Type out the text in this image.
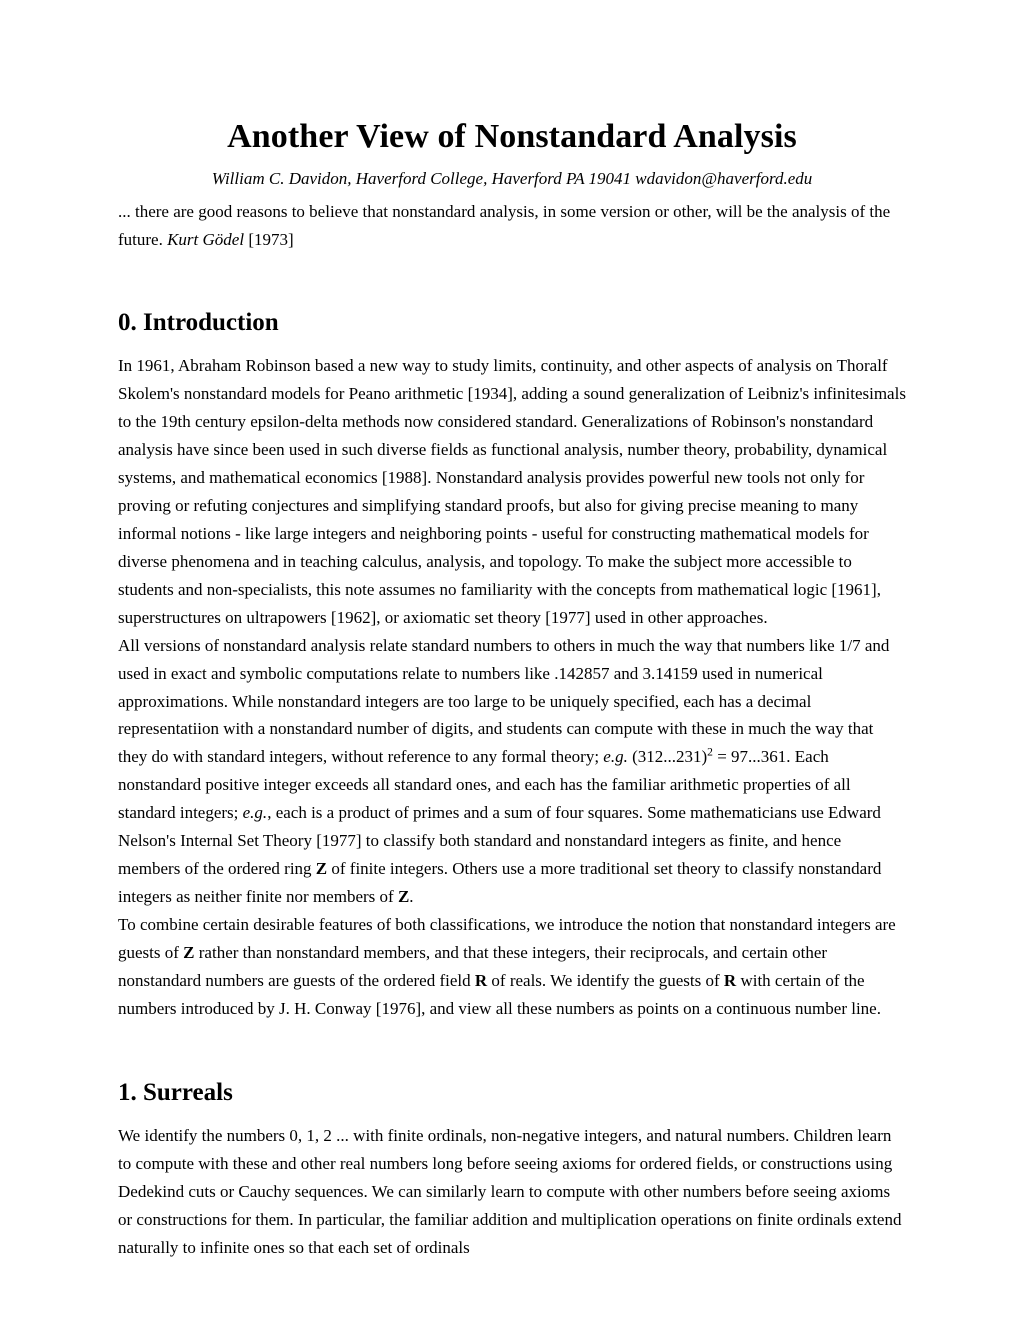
Another View of Nonstandard Analysis
William C. Davidon, Haverford College, Haverford PA 19041 wdavidon@haverford.edu
... there are good reasons to believe that nonstandard analysis, in some version or other, will be the analysis of the future. Kurt Gödel [1973]
0. Introduction

In 1961, Abraham Robinson based a new way to study limits, continuity, and other aspects of analysis on Thoralf Skolem's nonstandard models for Peano arithmetic [1934], adding a sound generalization of Leibniz's infinitesimals to the 19th century epsilon-delta methods now considered standard. Generalizations of Robinson's nonstandard analysis have since been used in such diverse fields as functional analysis, number theory, probability, dynamical systems, and mathematical economics [1988]. Nonstandard analysis provides powerful new tools not only for proving or refuting conjectures and simplifying standard proofs, but also for giving precise meaning to many informal notions - like large integers and neighboring points - useful for constructing mathematical models for diverse phenomena and in teaching calculus, analysis, and topology. To make the subject more accessible to students and non-specialists, this note assumes no familiarity with the concepts from mathematical logic [1961], superstructures on ultrapowers [1962], or axiomatic set theory [1977] used in other approaches.

All versions of nonstandard analysis relate standard numbers to others in much the way that numbers like 1/7 and used in exact and symbolic computations relate to numbers like .142857 and 3.14159 used in numerical approximations. While nonstandard integers are too large to be uniquely specified, each has a decimal representatiion with a nonstandard number of digits, and students can compute with these in much the way that they do with standard integers, without reference to any formal theory; e.g. $(312...231)^2 = 97...361$. Each nonstandard positive integer exceeds all standard ones, and each has the familiar arithmetic properties of all standard integers; e.g., each is a product of primes and a sum of four squares. Some mathematicians use Edward Nelson's Internal Set Theory [1977] to classify both standard and nonstandard integers as finite, and hence members of the ordered ring Z of finite integers. Others use a more traditional set theory to classify nonstandard integers as neither finite nor members of Z.

To combine certain desirable features of both classifications, we introduce the notion that nonstandard integers are guests of Z rather than nonstandard members, and that these integers, their reciprocals, and certain other nonstandard numbers are guests of the ordered field R of reals. We identify the guests of R with certain of the numbers introduced by J. H. Conway [1976], and view all these numbers as points on a continuous number line.

1. Surreals

We identify the numbers 0, 1, 2 ... with finite ordinals, non-negative integers, and natural numbers. Children learn to compute with these and other real numbers long before seeing axioms for ordered fields, or constructions using Dedekind cuts or Cauchy sequences. We can similarly learn to compute with other numbers before seeing axioms or constructions for them. In particular, the familiar addition and multiplication operations on finite ordinals extend naturally to infinite ones so that each set of ordinals
